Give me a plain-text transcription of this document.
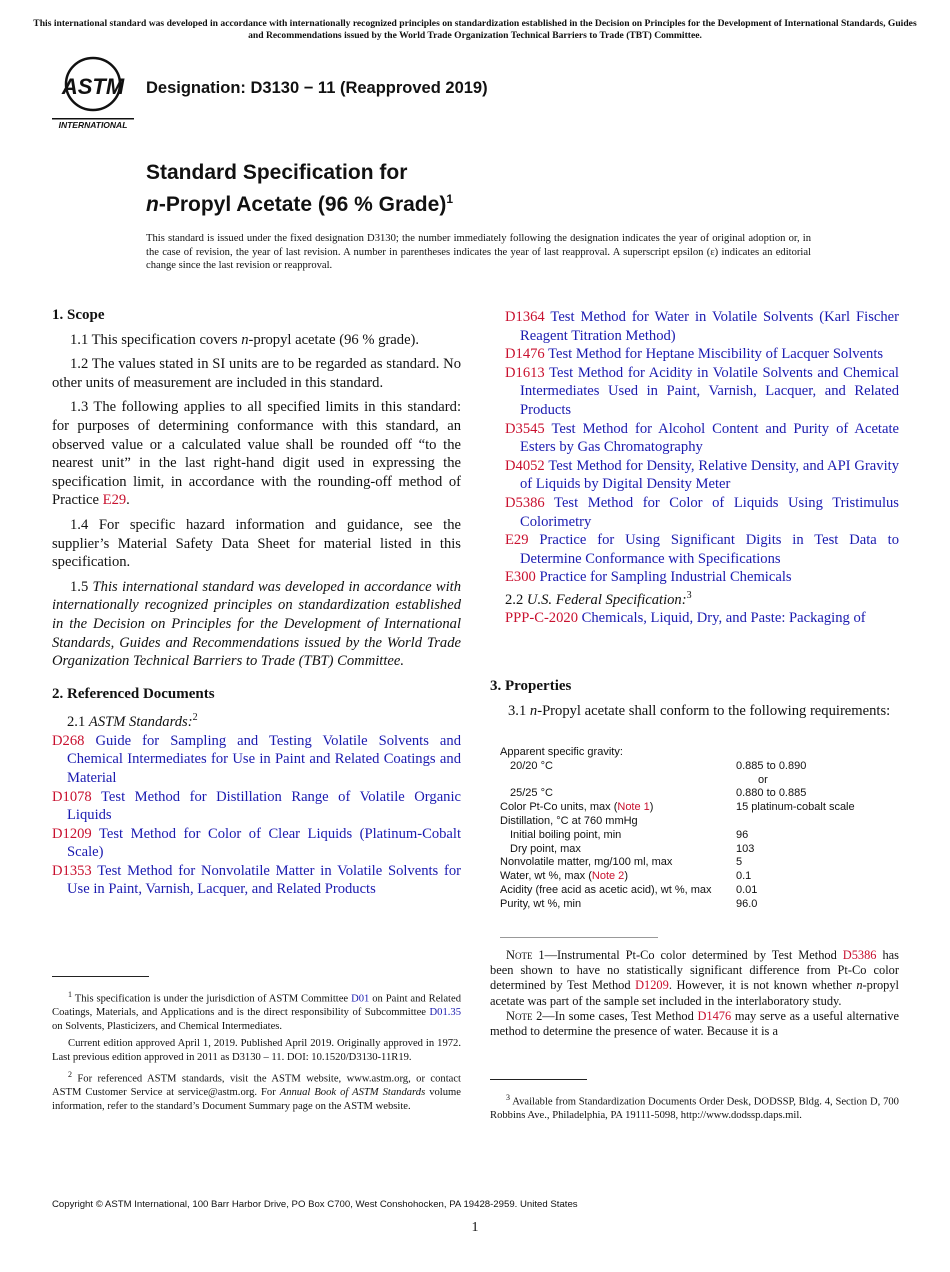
This international standard was developed in accordance with internationally recognized principles on standardization established in the Decision on Principles for the Development of International Standards, Guides and Recommendations issued by the World Trade Organization Technical Barriers to Trade (TBT) Committee.
ASTM
INTERNATIONAL
Designation: D3130 − 11 (Reapproved 2019)
Standard Specification for
n-Propyl Acetate (96 % Grade)$^1$
This standard is issued under the fixed designation D3130; the number immediately following the designation indicates the year of original adoption or, in the case of revision, the year of last revision. A number in parentheses indicates the year of last reapproval. A superscript epsilon (ε) indicates an editorial change since the last revision or reapproval.
1. Scope

1.1 This specification covers n-propyl acetate (96 % grade).

1.2 The values stated in SI units are to be regarded as standard. No other units of measurement are included in this standard.

1.3 The following applies to all specified limits in this standard: for purposes of determining conformance with this standard, an observed value or a calculated value shall be rounded off “to the nearest unit” in the last right-hand digit used in expressing the specification limit, in accordance with the rounding-off method of Practice E29.

1.4 For specific hazard information and guidance, see the supplier’s Material Safety Data Sheet for material listed in this specification.

1.5 This international standard was developed in accordance with internationally recognized principles on standardization established in the Decision on Principles for the Development of International Standards, Guides and Recommendations issued by the World Trade Organization Technical Barriers to Trade (TBT) Committee.

2. Referenced Documents
2.1 ASTM Standards:$^2$
D268 Guide for Sampling and Testing Volatile Solvents and Chemical Intermediates for Use in Paint and Related Coatings and Material
D1078 Test Method for Distillation Range of Volatile Organic Liquids
D1209 Test Method for Color of Clear Liquids (Platinum-Cobalt Scale)
D1353 Test Method for Nonvolatile Matter in Volatile Solvents for Use in Paint, Varnish, Lacquer, and Related Products

$^1$ This specification is under the jurisdiction of ASTM Committee D01 on Paint and Related Coatings, Materials, and Applications and is the direct responsibility of Subcommittee D01.35 on Solvents, Plasticizers, and Chemical Intermediates.

Current edition approved April 1, 2019. Published April 2019. Originally approved in 1972. Last previous edition approved in 2011 as D3130 – 11. DOI: 10.1520/D3130-11R19.

$^2$ For referenced ASTM standards, visit the ASTM website, www.astm.org, or contact ASTM Customer Service at service@astm.org. For Annual Book of ASTM Standards volume information, refer to the standard’s Document Summary page on the ASTM website.

D1364 Test Method for Water in Volatile Solvents (Karl Fischer Reagent Titration Method)
D1476 Test Method for Heptane Miscibility of Lacquer Solvents
D1613 Test Method for Acidity in Volatile Solvents and Chemical Intermediates Used in Paint, Varnish, Lacquer, and Related Products
D3545 Test Method for Alcohol Content and Purity of Acetate Esters by Gas Chromatography
D4052 Test Method for Density, Relative Density, and API Gravity of Liquids by Digital Density Meter
D5386 Test Method for Color of Liquids Using Tristimulus Colorimetry
E29 Practice for Using Significant Digits in Test Data to Determine Conformance with Specifications
E300 Practice for Sampling Industrial Chemicals
2.2 U.S. Federal Specification:$^3$
PPP-C-2020 Chemicals, Liquid, Dry, and Paste: Packaging of
3. Properties

3.1 n-Propyl acetate shall conform to the following requirements:

Apparent specific gravity:	
20/20 °C	0.885 to 0.890
	or
25/25 °C	0.880 to 0.885
Color Pt-Co units, max (Note 1)	15 platinum-cobalt scale
Distillation, °C at 760 mmHg	
Initial boiling point, min	96
Dry point, max	103
Nonvolatile matter, mg/100 ml, max	5
Water, wt %, max (Note 2)	0.1
Acidity (free acid as acetic acid), wt %, max	0.01
Purity, wt %, min	96.0

Note 1—Instrumental Pt-Co color determined by Test Method D5386 has been shown to have no statistically significant difference from Pt-Co color determined by Test Method D1209. However, it is not known whether n-propyl acetate was part of the sample set included in the interlaboratory study.

Note 2—In some cases, Test Method D1476 may serve as a useful alternative method to determine the presence of water. Because it is a

$^3$ Available from Standardization Documents Order Desk, DODSSP, Bldg. 4, Section D, 700 Robbins Ave., Philadelphia, PA 19111-5098, http://www.dodssp.daps.mil.

Copyright © ASTM International, 100 Barr Harbor Drive, PO Box C700, West Conshohocken, PA 19428-2959. United States
1
